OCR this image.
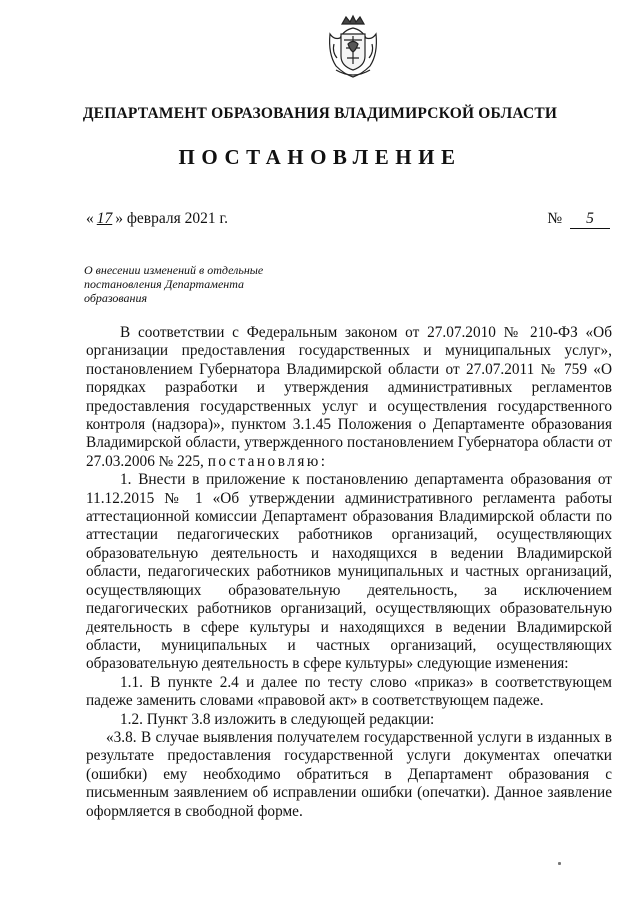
ДЕПАРТАМЕНТ ОБРАЗОВАНИЯ ВЛАДИМИРСКОЙ ОБЛАСТИ
ПОСТАНОВЛЕНИЕ
« 17 » февраля 2021 г.	№ 5
О внесении изменений в отдельные постановления Департамента образования

В соответствии с Федеральным законом от 27.07.2010 № 210-ФЗ «Об организации предоставления государственных и муниципальных услуг», постановлением Губернатора Владимирской области от 27.07.2011 № 759 «О порядках разработки и утверждения административных регламентов предоставления государственных услуг и осуществления государственного контроля (надзора)», пунктом 3.1.45 Положения о Департаменте образования Владимирской области, утвержденного постановлением Губернатора области от 27.03.2006 № 225, постановляю:

1. Внести в приложение к постановлению департамента образования от 11.12.2015 № 1 «Об утверждении административного регламента работы аттестационной комиссии Департамент образования Владимирской области по аттестации педагогических работников организаций, осуществляющих образовательную деятельность и находящихся в ведении Владимирской области, педагогических работников муниципальных и частных организаций, осуществляющих образовательную деятельность, за исключением педагогических работников организаций, осуществляющих образовательную деятельность в сфере культуры и находящихся в ведении Владимирской области, муниципальных и частных организаций, осуществляющих образовательную деятельность в сфере культуры» следующие изменения:

1.1. В пункте 2.4 и далее по тесту слово «приказ» в соответствующем падеже заменить словами «правовой акт» в соответствующем падеже.

1.2. Пункт 3.8 изложить в следующей редакции:

«3.8. В случае выявления получателем государственной услуги в изданных в результате предоставления государственной услуги документах опечатки (ошибки) ему необходимо обратиться в Департамент образования с письменным заявлением об исправлении ошибки (опечатки). Данное заявление оформляется в свободной форме.
